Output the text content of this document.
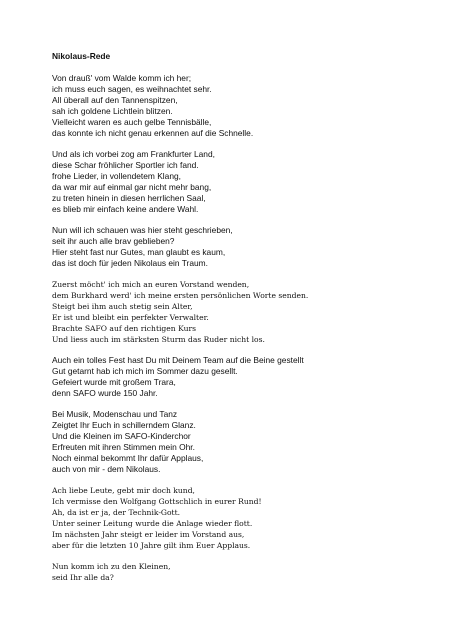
Nikolaus-Rede
Von drauß' vom Walde komm ich her;
ich muss euch sagen, es weihnachtet sehr.
All überall auf den Tannenspitzen,
sah ich goldene Lichtlein blitzen.
Vielleicht waren es auch gelbe Tennisbälle,
das konnte ich nicht genau erkennen auf die Schnelle.
Und als ich vorbei zog am Frankfurter Land,
diese Schar fröhlicher Sportler ich fand.
frohe Lieder, in vollendetem Klang,
da war mir auf einmal gar nicht mehr bang,
zu treten hinein in diesen herrlichen Saal,
es blieb mir einfach keine andere Wahl.
Nun will ich schauen was hier steht geschrieben,
seit ihr auch alle brav geblieben?
Hier steht fast nur Gutes, man glaubt es kaum,
das ist doch für jeden Nikolaus ein Traum.
Zuerst möcht' ich mich an euren Vorstand wenden,
dem Burkhard werd' ich meine ersten persönlichen Worte senden.
Steigt bei ihm auch stetig sein Alter,
Er ist und bleibt ein perfekter Verwalter.
Brachte SAFO auf den richtigen Kurs
Und liess auch im stärksten Sturm das Ruder nicht los.
Auch ein tolles Fest hast Du mit Deinem Team auf die Beine gestellt
Gut getarnt hab ich mich im Sommer dazu gesellt.
Gefeiert wurde mit großem Trara,
denn SAFO wurde 150 Jahr.
Bei Musik, Modenschau und Tanz
Zeigtet Ihr Euch in schillerndem Glanz.
Und die Kleinen im SAFO-Kinderchor
Erfreuten mit ihren Stimmen mein Ohr.
Noch einmal bekommt Ihr dafür Applaus,
auch von mir - dem Nikolaus.
Ach liebe Leute, gebt mir doch kund,
Ich vermisse den Wolfgang Gottschlich in eurer Rund!
Ah, da ist er ja, der Technik-Gott.
Unter seiner Leitung wurde die Anlage wieder flott.
Im nächsten Jahr steigt er leider im Vorstand aus,
aber für die letzten 10 Jahre gilt ihm Euer Applaus.
Nun komm ich zu den Kleinen,
seid Ihr alle da?
